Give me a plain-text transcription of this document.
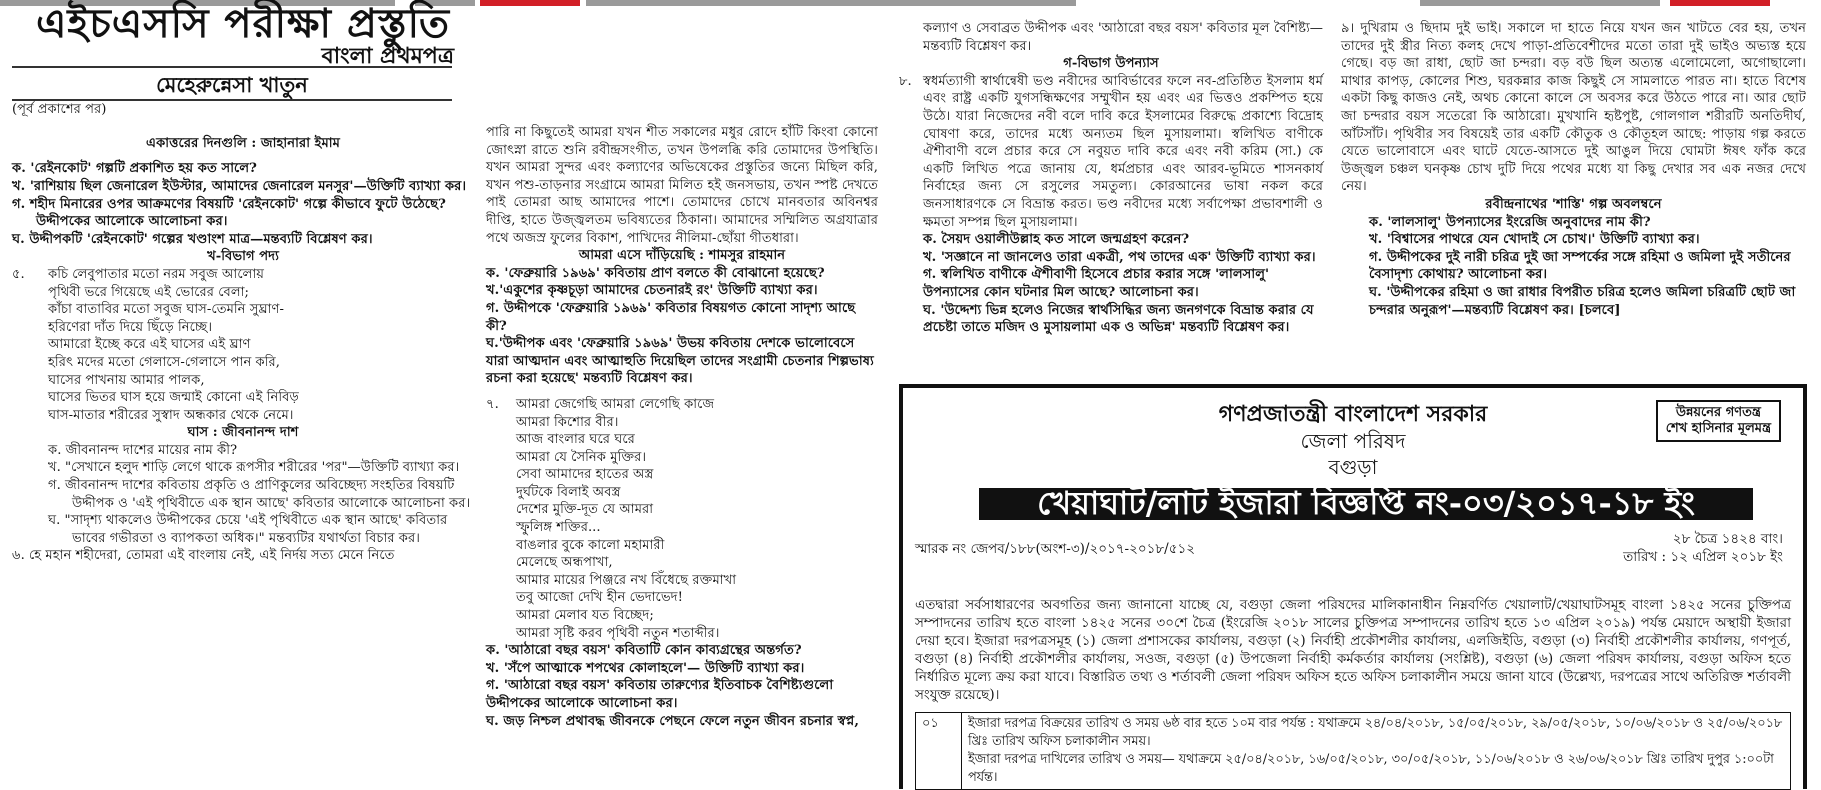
এইচএসসি পরীক্ষা প্রস্তুতি
বাংলা প্রথমপত্র
মেহেরুন্নেসা খাতুন
(পূর্ব প্রকাশের পর)
একাত্তরের দিনগুলি : জাহানারা ইমাম
ক. 'রেইনকোট' গল্পটি প্রকাশিত হয় কত সালে?
খ. 'রাশিয়ায় ছিল জেনারেল ইউস্টার, আমাদের জেনারেল মনসুর'—উক্তিটি ব্যাখ্যা কর।
গ. শহীদ মিনারের ওপর আক্রমণের বিষয়টি 'রেইনকোট' গল্পে কীভাবে ফুটে উঠেছে? উদ্দীপকের আলোকে আলোচনা কর।
ঘ. উদ্দীপকটি 'রেইনকোট' গল্পের খণ্ডাংশ মাত্র—মন্তব্যটি বিশ্লেষণ কর।
খ-বিভাগ পদ্য
৫.	কচি লেবুপাতার মতো নরম সবুজ আলোয়
পৃথিবী ভরে গিয়েছে এই ভোরের বেলা;
কাঁচা বাতাবির মতো সবুজ ঘাস-তেমনি সুঘ্রাণ-
হরিণেরা দাঁত দিয়ে ছিঁড়ে নিচ্ছে।
আমারো ইচ্ছে করে এই ঘাসের এই ঘ্রাণ
হরিৎ মদের মতো গেলাসে-গেলাসে পান করি,
ঘাসের পাখনায় আমার পালক,
ঘাসের ভিতর ঘাস হয়ে জন্মাই কোনো এই নিবিড়
ঘাস-মাতার শরীরের সুস্বাদ অন্ধকার থেকে নেমে।
ঘাস : জীবনানন্দ দাশ
ক. জীবনানন্দ দাশের মায়ের নাম কী?
খ. "সেখানে হলুদ শাড়ি লেগে থাকে রূপসীর শরীরের 'পর"—উক্তিটি ব্যাখ্যা কর।
গ. জীবনানন্দ দাশের কবিতায় প্রকৃতি ও প্রাণিকুলের অবিচ্ছেদ্য সংহতির বিষয়টি উদ্দীপক ও 'এই পৃথিবীতে এক স্থান আছে' কবিতার আলোকে আলোচনা কর।
ঘ. "সাদৃশ্য থাকলেও উদ্দীপকের চেয়ে 'এই পৃথিবীতে এক স্থান আছে' কবিতার ভাবের গভীরতা ও ব্যাপকতা অধিক।" মন্তব্যটির যথার্থতা বিচার কর।
৬. হে মহান শহীদেরা, তোমরা এই বাংলায় নেই, এই নির্দয় সত্য মেনে নিতে
পারি না কিছুতেই আমরা যখন শীত সকালের মধুর রোদে হাঁটি কিংবা কোনো জোৎস্না রাতে শুনি রবীন্দ্রসংগীত, তখন উপলব্ধি করি তোমাদের উপস্থিতি। যখন আমরা সুন্দর এবং কল্যাণের অভিষেকের প্রস্তুতির জন্যে মিছিল করি, যখন পশু-তাড়নার সংগ্রামে আমরা মিলিত হই জনসভায়, তখন স্পষ্ট দেখতে পাই তোমরা আছ আমাদের পাশে। তোমাদের চোখে মানবতার অবিনশ্বর দীপ্তি, হাতে উজ্জ্বলতম ভবিষ্যতের ঠিকানা। আমাদের সম্মিলিত অগ্রযাত্রার পথে অজস্র ফুলের বিকাশ, পাখিদের নীলিমা-ছোঁয়া গীতধারা।
আমরা এসে দাঁড়িয়েছি : শামসুর রাহমান
ক. 'ফেব্রুয়ারি ১৯৬৯' কবিতায় প্রাণ বলতে কী বোঝানো হয়েছে?
খ.'একুশের কৃষ্ণচূড়া আমাদের চেতনারই রং' উক্তিটি ব্যাখ্যা কর।
গ. উদ্দীপকে 'ফেব্রুয়ারি ১৯৬৯' কবিতার বিষয়গত কোনো সাদৃশ্য আছে কী?
ঘ.'উদ্দীপক এবং 'ফেব্রুয়ারি ১৯৬৯' উভয় কবিতায় দেশকে ভালোবেসে যারা আত্মদান এবং আত্মাহুতি দিয়েছিল তাদের সংগ্রামী চেতনার শিল্পভাষ্য রচনা করা হয়েছে' মন্তব্যটি বিশ্লেষণ কর।
৭.	আমরা জেগেছি আমরা লেগেছি কাজে
আমরা কিশোর বীর।
আজ বাংলার ঘরে ঘরে
আমরা যে সৈনিক মুক্তির।
সেবা আমাদের হাতের অস্ত্র
দুর্ঘটকে বিলাই অবস্ত্র
দেশের মুক্তি-দূত যে আমরা
স্ফুলিঙ্গ শক্তির...
বাঙলার বুকে কালো মহামারী
মেলেছে অন্ধপাখা,
আমার মায়ের পিঞ্জরে নখ বিঁধেছে রক্তমাখা
তবু আজো দেখি হীন ভেদাভেদ!
আমরা মেলাব যত বিচ্ছেদ;
আমরা সৃষ্টি করব পৃথিবী নতুন শতাব্দীর।
ক. 'আঠারো বছর বয়স' কবিতাটি কোন কাব্যগ্রন্থের অন্তর্গত?
খ. 'সঁপে আত্মাকে শপথের কোলাহলে'— উক্তিটি ব্যাখ্যা কর।
গ. 'আঠারো বছর বয়স' কবিতায় তারুণ্যের ইতিবাচক বৈশিষ্ট্যগুলো উদ্দীপকের আলোকে আলোচনা কর।
ঘ. জড় নিশ্চল প্রথাবদ্ধ জীবনকে পেছনে ফেলে নতুন জীবন রচনার স্বপ্ন,
কল্যাণ ও সেবাব্রত উদ্দীপক এবং 'আঠারো বছর বয়স' কবিতার মূল বৈশিষ্ট্য—মন্তব্যটি বিশ্লেষণ কর।
গ-বিভাগ উপন্যাস
৮. স্বধর্মত্যাগী স্বার্থান্বেষী ভণ্ড নবীদের আবির্ভাবের ফলে নব-প্রতিষ্ঠিত ইসলাম ধর্ম এবং রাষ্ট্র একটি যুগসন্ধিক্ষণের সম্মুখীন হয় এবং এর ভিত্তও প্রকম্পিত হয়ে উঠে। যারা নিজেদের নবী বলে দাবি করে ইসলামের বিরুদ্ধে প্রকাশ্যে বিদ্রোহ ঘোষণা করে, তাদের মধ্যে অন্যতম ছিল মুসায়লামা। স্বলিখিত বাণীকে ঐশীবাণী বলে প্রচার করে সে নবুয়ত দাবি করে এবং নবী করিম (সা.) কে একটি লিখিত পত্রে জানায় যে, ধর্মপ্রচার এবং আরব-ভূমিতে শাসনকার্য নির্বাহের জন্য সে রসুলের সমতুল্য। কোরআনের ভাষা নকল করে জনসাধারণকে সে বিভ্রান্ত করত। ভণ্ড নবীদের মধ্যে সর্বাপেক্ষা প্রভাবশালী ও ক্ষমতা সম্পন্ন ছিল মুসায়লামা।
ক. সৈয়দ ওয়ালীউল্লাহ কত সালে জন্মগ্রহণ করেন?
খ. 'সজ্ঞানে না জানলেও তারা একত্রী, পথ তাদের এক' উক্তিটি ব্যাখ্যা কর।
গ. স্বলিখিত বাণীকে ঐশীবাণী হিসেবে প্রচার করার সঙ্গে 'লালসালু' উপন্যাসের কোন ঘটনার মিল আছে? আলোচনা কর।
ঘ. 'উদ্দেশ্য ভিন্ন হলেও নিজের স্বার্থসিদ্ধির জন্য জনগণকে বিভ্রান্ত করার যে প্রচেষ্টা তাতে মজিদ ও মুসায়লামা এক ও অভিন্ন' মন্তব্যটি বিশ্লেষণ কর।
৯। দুখিরাম ও ছিদাম দুই ভাই। সকালে দা হাতে নিয়ে যখন জন খাটতে বের হয়, তখন তাদের দুই স্ত্রীর নিত্য কলহ দেখে পাড়া-প্রতিবেশীদের মতো তারা দুই ভাইও অভ্যস্ত হয়ে গেছে। বড় জা রাধা, ছোট জা চন্দরা। বড় বউ ছিল অত্যন্ত এলোমেলো, অগোছালো। মাথার কাপড়, কোলের শিশু, ঘরকন্নার কাজ কিছুই সে সামলাতে পারত না। হাতে বিশেষ একটা কিছু কাজও নেই, অথচ কোনো কালে সে অবসর করে উঠতে পারে না। আর ছোট জা চন্দরার বয়স সতেরো কি আঠারো। মুখখানি হৃষ্টপুষ্ট, গোলগাল শরীরটি অনতিদীর্ঘ, আঁটসাঁট। পৃথিবীর সব বিষয়েই তার একটি কৌতুক ও কৌতূহল আছে: পাড়ায় গল্প করতে যেতে ভালোবাসে এবং ঘাটে যেতে-আসতে দুই আঙুল দিয়ে ঘোমটা ঈষৎ ফাঁক করে উজ্জ্বল চঞ্চল ঘনকৃষ্ণ চোখ দুটি দিয়ে পথের মধ্যে যা কিছু দেখার সব এক নজর দেখে নেয়।
রবীন্দ্রনাথের 'শাস্তি' গল্প অবলম্বনে
ক. 'লালসালু' উপন্যাসের ইংরেজি অনুবাদের নাম কী?
খ. 'বিশ্বাসের পাথরে যেন খোদাই সে চোখ।' উক্তিটি ব্যাখ্যা কর।
গ. উদ্দীপকের দুই নারী চরিত্র দুই জা সম্পর্কের সঙ্গে রহিমা ও জমিলা দুই সতীনের বৈসাদৃশ্য কোথায়? আলোচনা কর।
ঘ. 'উদ্দীপকের রহিমা ও জা রাধার বিপরীত চরিত্র হলেও জমিলা চরিত্রটি ছোট জা চন্দরার অনুরূপ'—মন্তব্যটি বিশ্লেষণ কর। [চলবে]
উন্নয়নের গণতন্ত্র
শেখ হাসিনার মূলমন্ত্র
গণপ্রজাতন্ত্রী বাংলাদেশ সরকার
জেলা পরিষদ
বগুড়া
খেয়াঘাট/লাট ইজারা বিজ্ঞপ্তি নং-০৩/২০১৭-১৮ ইং
স্মারক নং জেপব/১৮৮(অংশ-৩)/২০১৭-২০১৮/৫১২
২৮ চৈত্র ১৪২৪ বাং।
তারিখ : ১২ এপ্রিল ২০১৮ ইং
এতদ্বারা সর্বসাধারণের অবগতির জন্য জানানো যাচ্ছে যে, বগুড়া জেলা পরিষদের মালিকানাধীন নিম্নবর্ণিত খেয়ালাট/খেয়াঘাটসমূহ বাংলা ১৪২৫ সনের চুক্তিপত্র সম্পাদনের তারিখ হতে বাংলা ১৪২৫ সনের ৩০শে চৈত্র (ইংরেজি ২০১৮ সালের চুক্তিপত্র সম্পাদনের তারিখ হতে ১৩ এপ্রিল ২০১৯) পর্যন্ত মেয়াদে অস্থায়ী ইজারা দেয়া হবে। ইজারা দরপত্রসমূহ (১) জেলা প্রশাসকের কার্যালয়, বগুড়া (২) নির্বাহী প্রকৌশলীর কার্যালয়, এলজিইডি, বগুড়া (৩) নির্বাহী প্রকৌশলীর কার্যালয়, গণপূর্ত, বগুড়া (৪) নির্বাহী প্রকৌশলীর কার্যালয়, সওজ, বগুড়া (৫) উপজেলা নির্বাহী কর্মকর্তার কার্যালয় (সংশ্লিষ্ট), বগুড়া (৬) জেলা পরিষদ কার্যালয়, বগুড়া অফিস হতে নির্ধারিত মূল্যে ক্রয় করা যাবে। বিস্তারিত তথ্য ও শর্তাবলী জেলা পরিষদ অফিস হতে অফিস চলাকালীন সময়ে জানা যাবে (উল্লেখ্য, দরপত্রের সাথে অতিরিক্ত শর্তাবলী সংযুক্ত রয়েছে)।
০১	ইজারা দরপত্র বিক্রয়ের তারিখ ও সময় ৬ষ্ঠ বার হতে ১০ম বার পর্যন্ত : যথাক্রমে ২৪/০৪/২০১৮, ১৫/০৫/২০১৮, ২৯/০৫/২০১৮, ১০/০৬/২০১৮ ও ২৫/০৬/২০১৮ খ্রিঃ তারিখ অফিস চলাকালীন সময়।
ইজারা দরপত্র দাখিলের তারিখ ও সময়— যথাক্রমে ২৫/০৪/২০১৮, ১৬/০৫/২০১৮, ৩০/০৫/২০১৮, ১১/০৬/২০১৮ ও ২৬/০৬/২০১৮ খ্রিঃ তারিখ দুপুর ১:০০টা পর্যন্ত।
